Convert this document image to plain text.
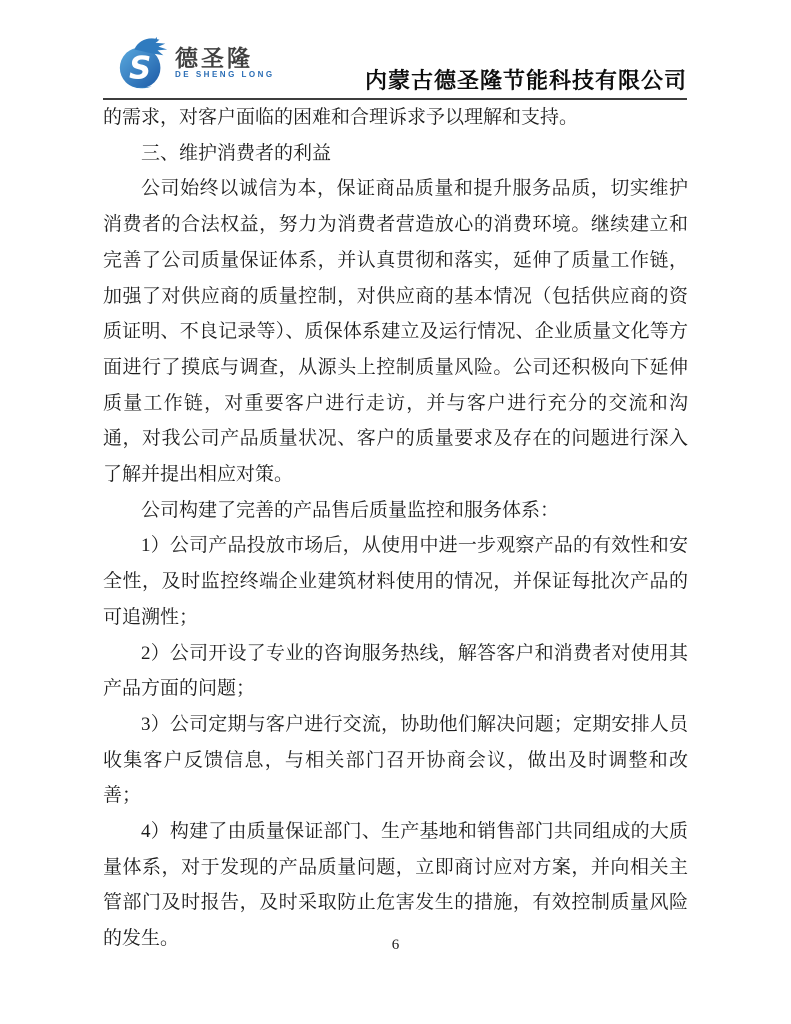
S 德圣隆
DE SHENG LONG	内蒙古德圣隆节能科技有限公司

的需求，对客户面临的困难和合理诉求予以理解和支持。

三、维护消费者的利益

公司始终以诚信为本，保证商品质量和提升服务品质，切实维护消费者的合法权益，努力为消费者营造放心的消费环境。继续建立和完善了公司质量保证体系，并认真贯彻和落实，延伸了质量工作链，加强了对供应商的质量控制，对供应商的基本情况（包括供应商的资质证明、不良记录等）、质保体系建立及运行情况、企业质量文化等方面进行了摸底与调查，从源头上控制质量风险。公司还积极向下延伸质量工作链，对重要客户进行走访，并与客户进行充分的交流和沟通，对我公司产品质量状况、客户的质量要求及存在的问题进行深入了解并提出相应对策。

公司构建了完善的产品售后质量监控和服务体系：

1）公司产品投放市场后，从使用中进一步观察产品的有效性和安全性，及时监控终端企业建筑材料使用的情况，并保证每批次产品的可追溯性；

2）公司开设了专业的咨询服务热线，解答客户和消费者对使用其产品方面的问题；

3）公司定期与客户进行交流，协助他们解决问题；定期安排人员收集客户反馈信息，与相关部门召开协商会议，做出及时调整和改善；

4）构建了由质量保证部门、生产基地和销售部门共同组成的大质量体系，对于发现的产品质量问题，立即商讨应对方案，并向相关主管部门及时报告，及时采取防止危害发生的措施，有效控制质量风险的发生。	6
